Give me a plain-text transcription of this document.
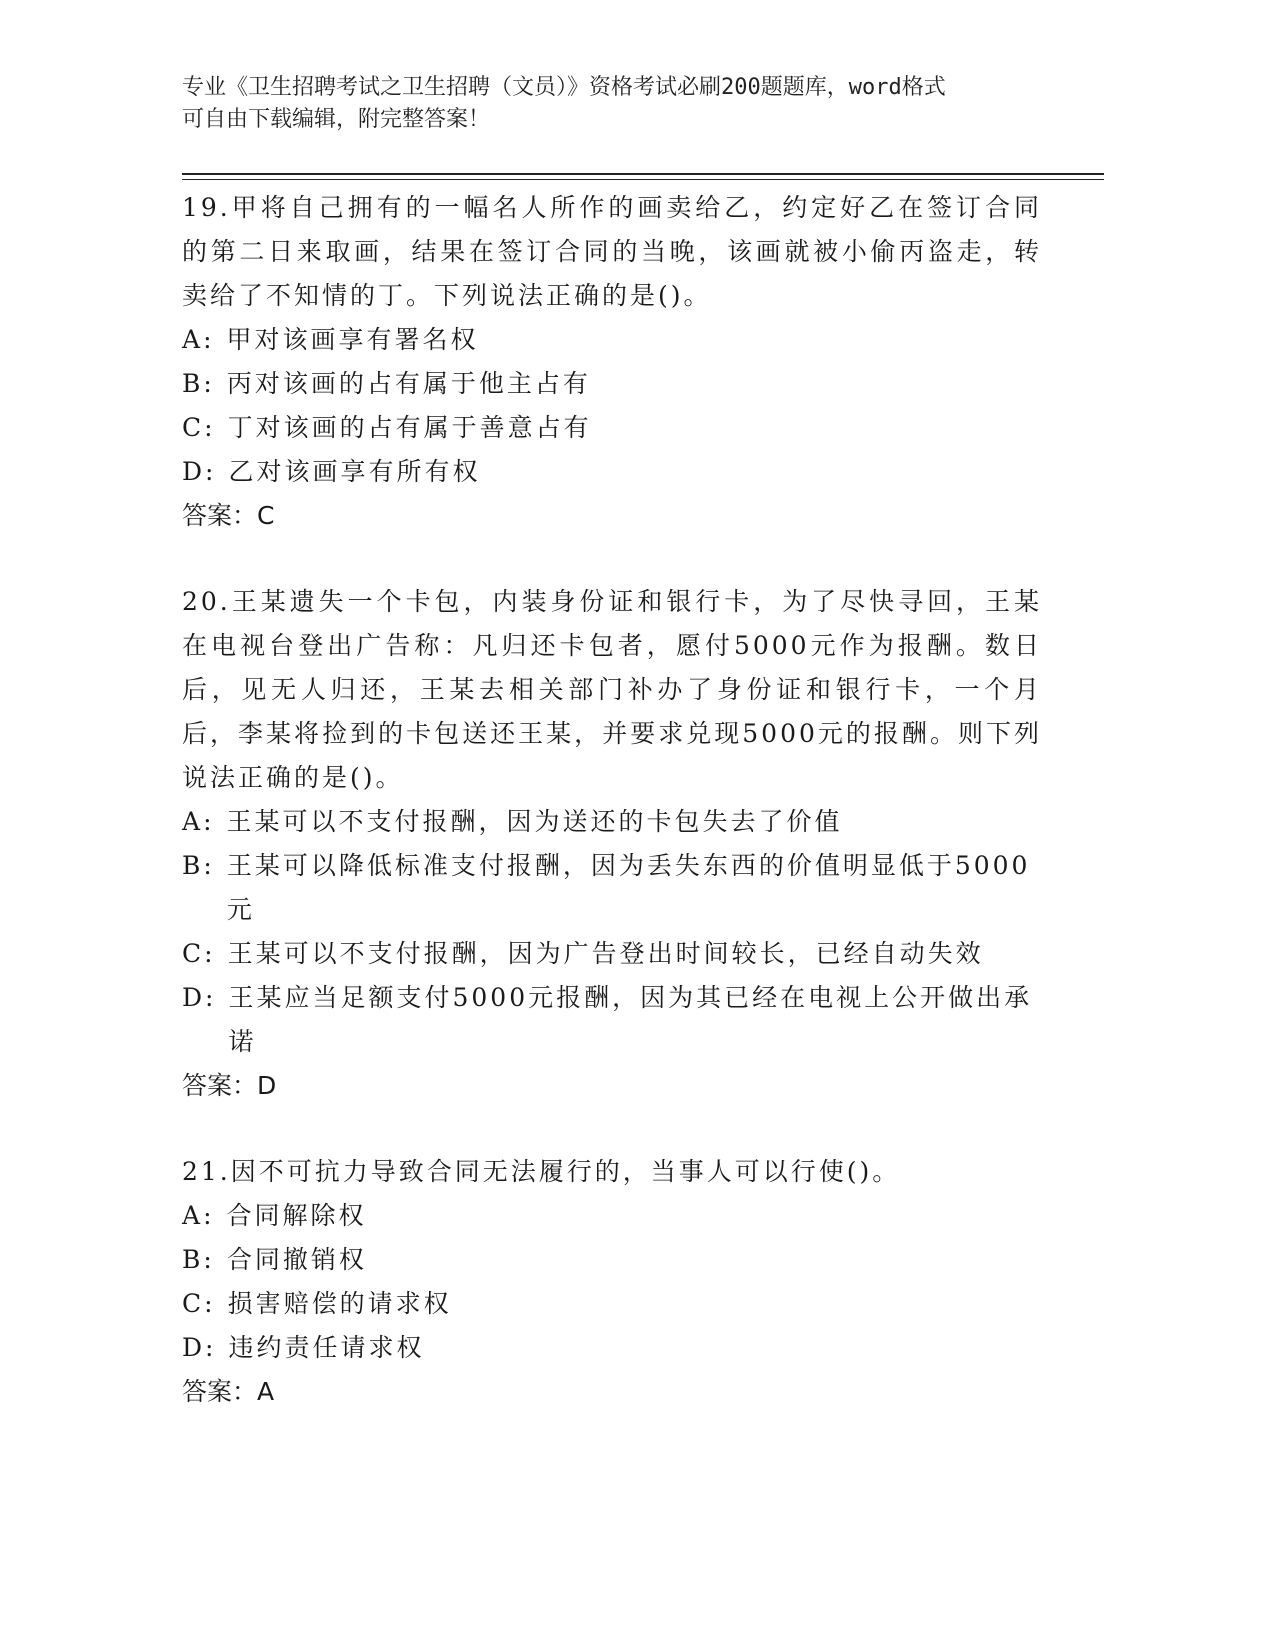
专业《卫生招聘考试之卫生招聘（文员）》资格考试必刷200题题库，word格式
可自由下载编辑，附完整答案！
19.甲将自己拥有的一幅名人所作的画卖给乙，约定好乙在签订合同的第二日来取画，结果在签订合同的当晚，该画就被小偷丙盗走，转卖给了不知情的丁。下列说法正确的是()。
A : 甲对该画享有署名权
B : 丙对该画的占有属于他主占有
C : 丁对该画的占有属于善意占有
D : 乙对该画享有所有权
答案：C
20.王某遗失一个卡包，内装身份证和银行卡，为了尽快寻回，王某在电视台登出广告称：凡归还卡包者，愿付5000元作为报酬。数日后，见无人归还，王某去相关部门补办了身份证和银行卡，一个月后，李某将捡到的卡包送还王某，并要求兑现5000元的报酬。则下列说法正确的是()。
A : 王某可以不支付报酬，因为送还的卡包失去了价值
B : 王某可以降低标准支付报酬，因为丢失东西的价值明显低于5000元
C : 王某可以不支付报酬，因为广告登出时间较长，已经自动失效
D : 王某应当足额支付5000元报酬，因为其已经在电视上公开做出承诺
答案：D
21.因不可抗力导致合同无法履行的，当事人可以行使()。
A : 合同解除权
B : 合同撤销权
C : 损害赔偿的请求权
D : 违约责任请求权
答案：A
